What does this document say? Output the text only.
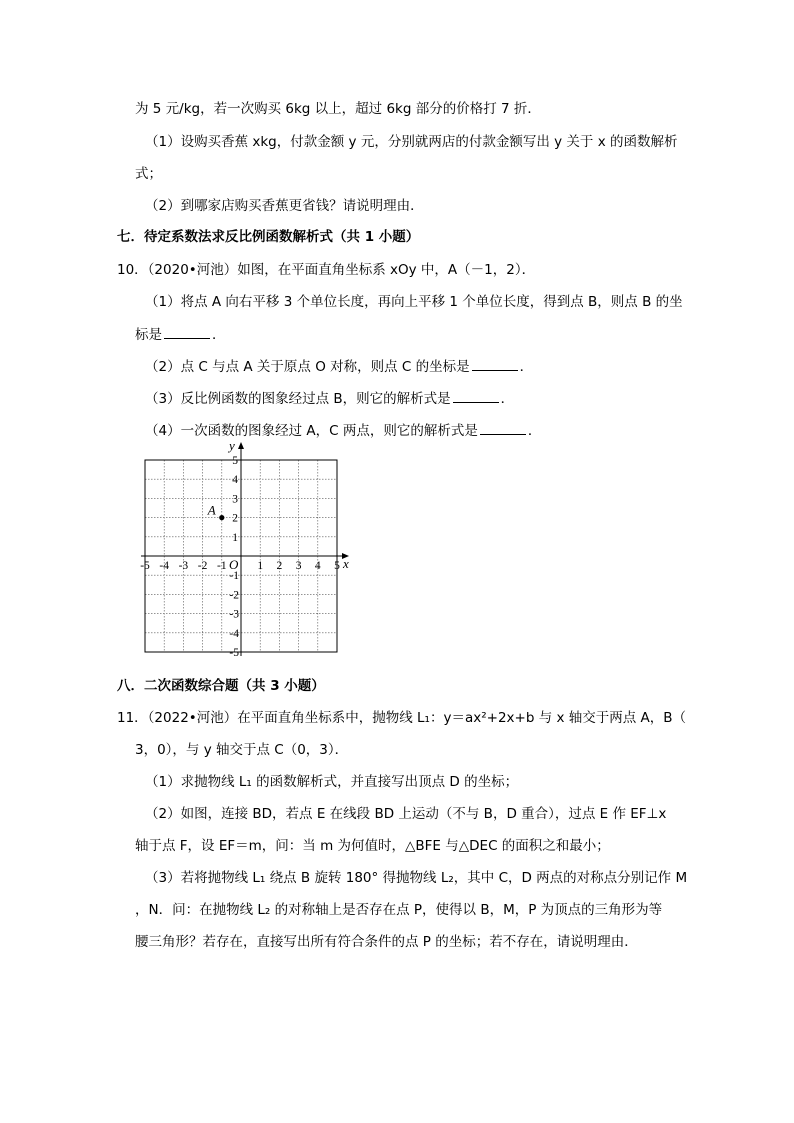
为 5 元/kg，若一次购买 6kg 以上，超过 6kg 部分的价格打 7 折．
（1）设购买香蕉 xkg，付款金额 y 元，分别就两店的付款金额写出 y 关于 x 的函数解析
式；
（2）到哪家店购买香蕉更省钱？请说明理由．
七．待定系数法求反比例函数解析式（共 1 小题）
10．（2020•河池）如图，在平面直角坐标系 xOy 中，A（－1，2）．
（1）将点 A 向右平移 3 个单位长度，再向上平移 1 个单位长度，得到点 B，则点 B 的坐
标是	．
（2）点 C 与点 A 关于原点 O 对称，则点 C 的坐标是	．
（3）反比例函数的图象经过点 B，则它的解析式是	．
（4）一次函数的图象经过 A，C 两点，则它的解析式是	．
x
y
O
-5 -4 -3 -2 -1	1 2 3 4 5
5
4
3
2
1
-1
-2
-3
-4
-5
A
八．二次函数综合题（共 3 小题）
11．（2022•河池）在平面直角坐标系中，抛物线 L₁：y＝ax²+2x+b 与 x 轴交于两点 A，B（
3，0），与 y 轴交于点 C（0，3）．
（1）求抛物线 L₁ 的函数解析式，并直接写出顶点 D 的坐标；
（2）如图，连接 BD，若点 E 在线段 BD 上运动（不与 B，D 重合），过点 E 作 EF⊥x
轴于点 F，设 EF＝m，问：当 m 为何值时，△BFE 与△DEC 的面积之和最小；
（3）若将抛物线 L₁ 绕点 B 旋转 180° 得抛物线 L₂，其中 C，D 两点的对称点分别记作 M
，N．问：在抛物线 L₂ 的对称轴上是否存在点 P，使得以 B，M，P 为顶点的三角形为等
腰三角形？若存在，直接写出所有符合条件的点 P 的坐标；若不存在，请说明理由．
